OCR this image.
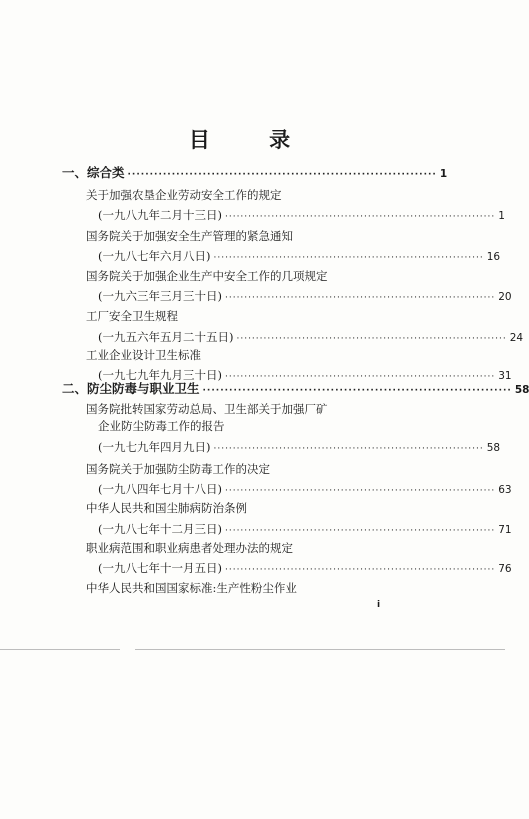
目 录
一、综合类 ······································································ 1
关于加强农垦企业劳动安全工作的规定
(一九八九年二月十三日) ······································································ 1
国务院关于加强安全生产管理的紧急通知
(一九八七年六月八日) ······································································ 16
国务院关于加强企业生产中安全工作的几项规定
(一九六三年三月三十日) ······································································ 20
工厂安全卫生规程
(一九五六年五月二十五日) ······································································ 24
工业企业设计卫生标准
(一九七九年九月三十日) ······································································ 31
二、防尘防毒与职业卫生 ······································································ 58
国务院批转国家劳动总局、卫生部关于加强厂矿
企业防尘防毒工作的报告
(一九七九年四月九日) ······································································ 58
国务院关于加强防尘防毒工作的决定
(一九八四年七月十八日) ······································································ 63
中华人民共和国尘肺病防治条例
(一九八七年十二月三日) ······································································ 71
职业病范围和职业病患者处理办法的规定
(一九八七年十一月五日) ······································································ 76
中华人民共和国国家标准:生产性粉尘作业
i
